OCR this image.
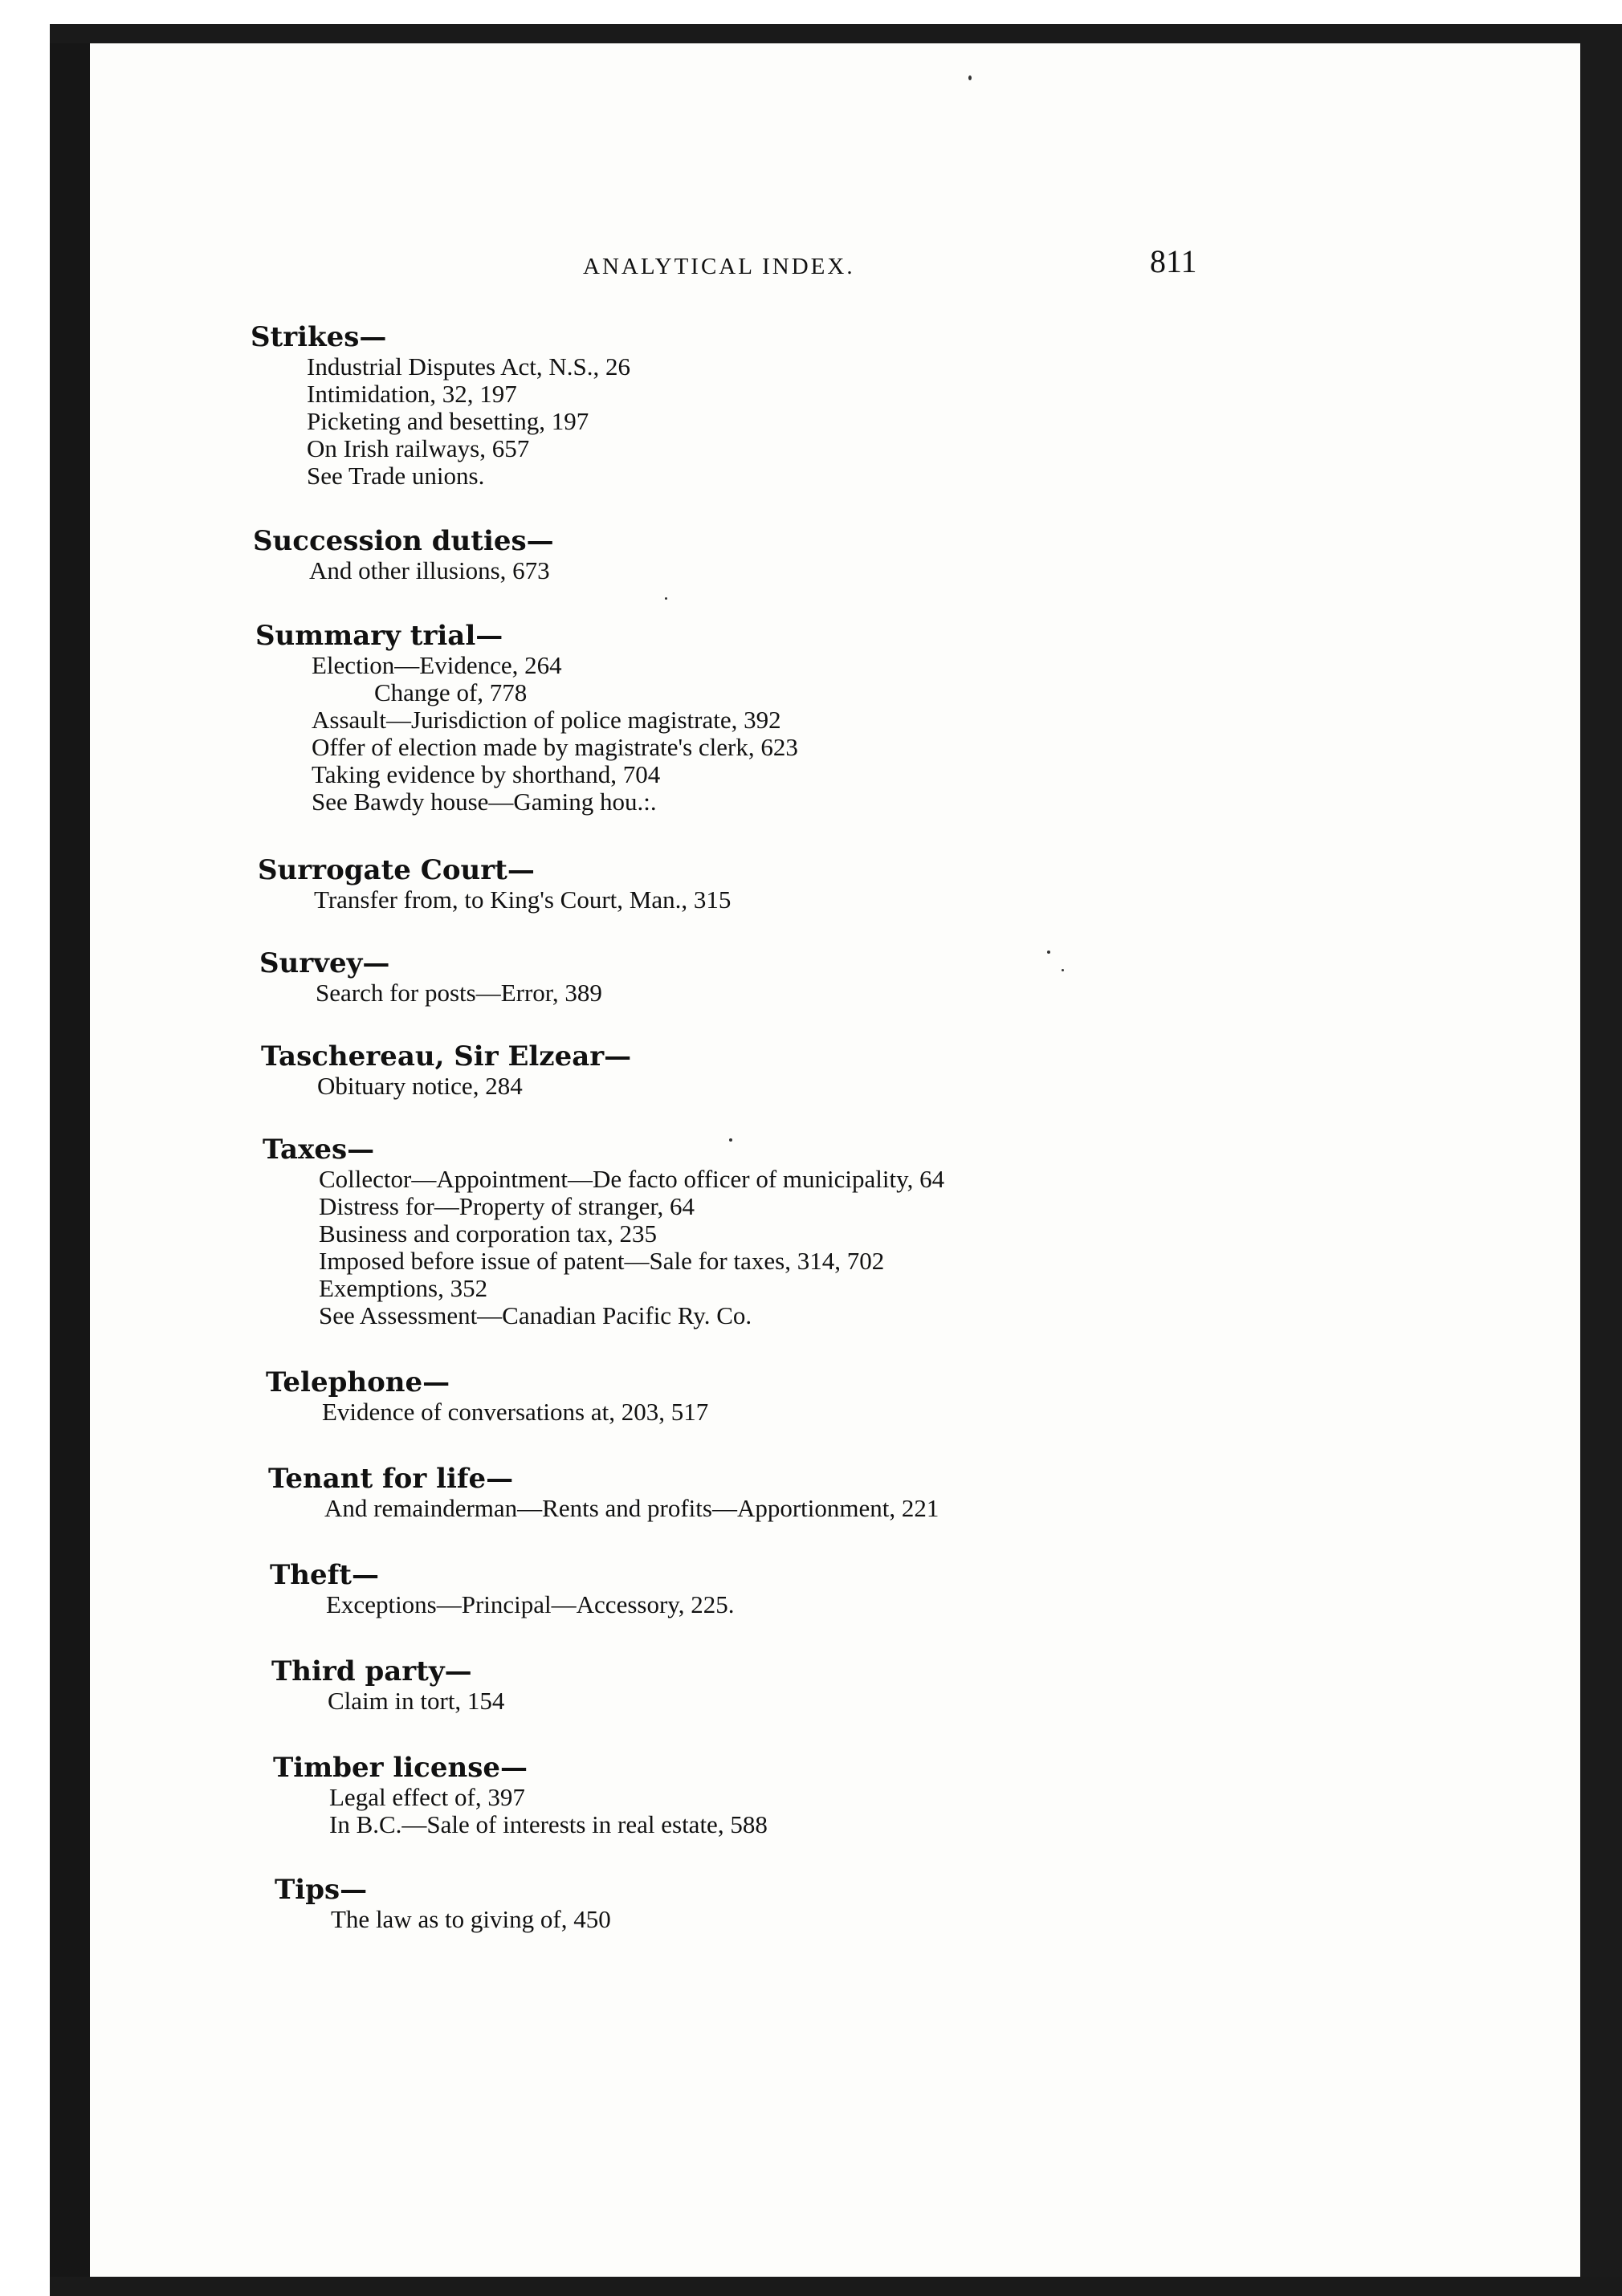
ANALYTICAL INDEX.	811
Strikes—
Industrial Disputes Act, N.S., 26
Intimidation, 32, 197
Picketing and besetting, 197
On Irish railways, 657
See Trade unions.
Succession duties—
And other illusions, 673
Summary trial—
Election—Evidence, 264
Change of, 778
Assault—Jurisdiction of police magistrate, 392
Offer of election made by magistrate's clerk, 623
Taking evidence by shorthand, 704
See Bawdy house—Gaming hou.:.
Surrogate Court—
Transfer from, to King's Court, Man., 315
Survey—
Search for posts—Error, 389
Taschereau, Sir Elzear—
Obituary notice, 284
Taxes—
Collector—Appointment—De facto officer of municipality, 64
Distress for—Property of stranger, 64
Business and corporation tax, 235
Imposed before issue of patent—Sale for taxes, 314, 702
Exemptions, 352
See Assessment—Canadian Pacific Ry. Co.
Telephone—
Evidence of conversations at, 203, 517
Tenant for life—
And remainderman—Rents and profits—Apportionment, 221
Theft—
Exceptions—Principal—Accessory, 225.
Third party—
Claim in tort, 154
Timber license—
Legal effect of, 397
In B.C.—Sale of interests in real estate, 588
Tips—
The law as to giving of, 450
